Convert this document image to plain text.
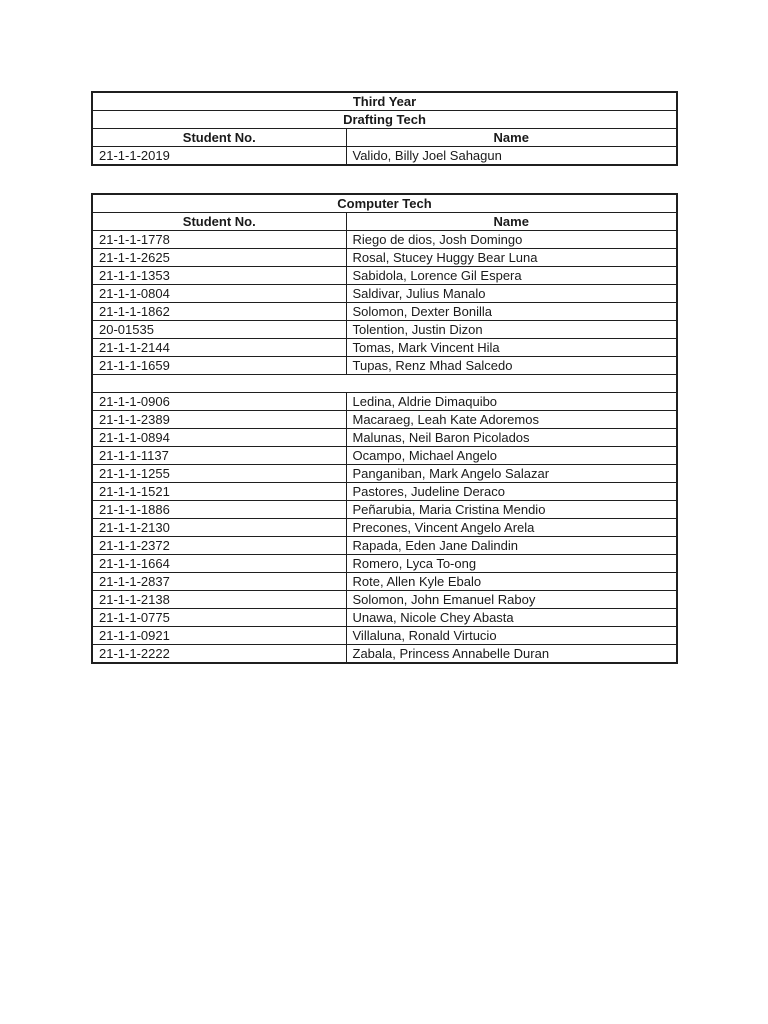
Third Year	
Drafting Tech	
Student No.	Name
21-1-1-2019	Valido, Billy Joel Sahagun
Computer Tech	
Student No.	Name
21-1-1-1778	Riego de dios, Josh Domingo
21-1-1-2625	Rosal, Stucey Huggy Bear Luna
21-1-1-1353	Sabidola, Lorence Gil Espera
21-1-1-0804	Saldivar, Julius Manalo
21-1-1-1862	Solomon, Dexter Bonilla
20-01535	Tolention, Justin Dizon
21-1-1-2144	Tomas, Mark Vincent Hila
21-1-1-1659	Tupas, Renz Mhad Salcedo

21-1-1-0906	Ledina, Aldrie Dimaquibo
21-1-1-2389	Macaraeg, Leah Kate Adoremos
21-1-1-0894	Malunas, Neil Baron Picolados
21-1-1-1137	Ocampo, Michael Angelo
21-1-1-1255	Panganiban, Mark Angelo Salazar
21-1-1-1521	Pastores, Judeline Deraco
21-1-1-1886	Peñarubia, Maria Cristina Mendio
21-1-1-2130	Precones, Vincent Angelo Arela
21-1-1-2372	Rapada, Eden Jane Dalindin
21-1-1-1664	Romero, Lyca To-ong
21-1-1-2837	Rote, Allen Kyle Ebalo
21-1-1-2138	Solomon, John Emanuel Raboy
21-1-1-0775	Unawa, Nicole Chey Abasta
21-1-1-0921	Villaluna, Ronald Virtucio
21-1-1-2222	Zabala, Princess Annabelle Duran
